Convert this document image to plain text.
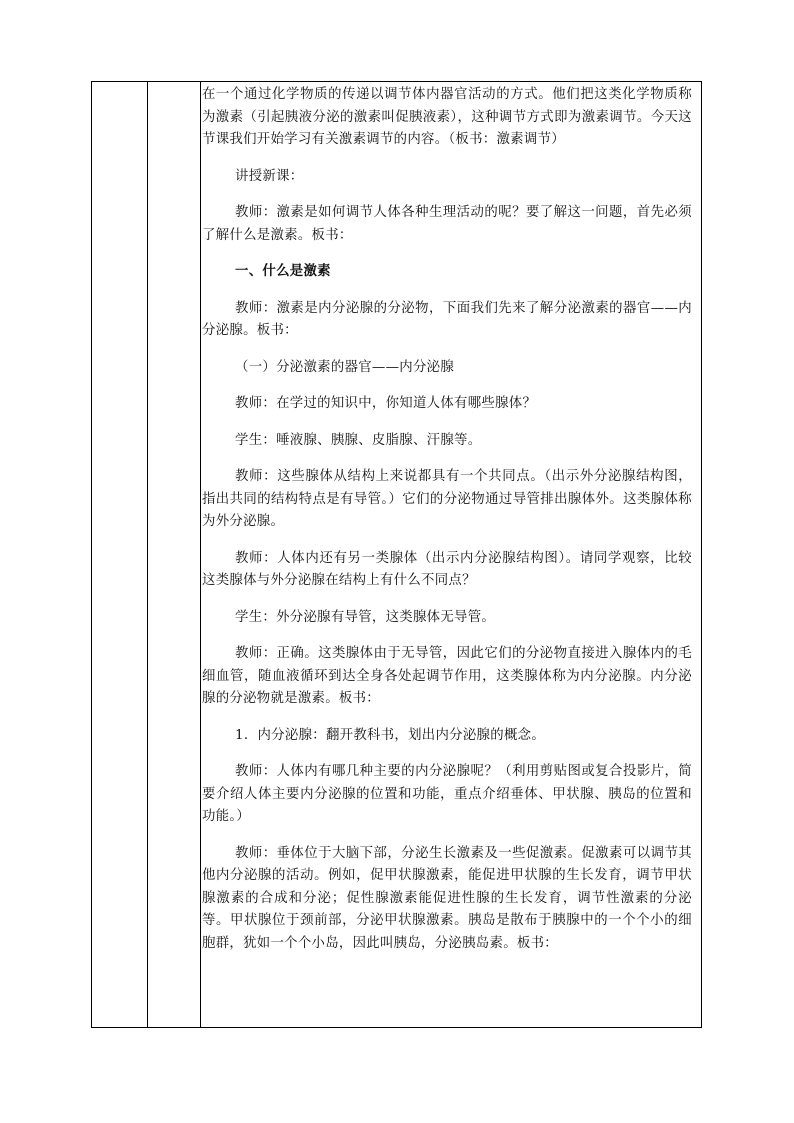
在一个通过化学物质的传递以调节体内器官活动的方式。他们把这类化学物质称为激素（引起胰液分泌的激素叫促胰液素），这种调节方式即为激素调节。今天这节课我们开始学习有关激素调节的内容。（板书：激素调节）

讲授新课：

教师：激素是如何调节人体各种生理活动的呢？要了解这一问题，首先必须了解什么是激素。板书：

一、什么是激素

教师：激素是内分泌腺的分泌物，下面我们先来了解分泌激素的器官——内分泌腺。板书：

（一）分泌激素的器官——内分泌腺

教师：在学过的知识中，你知道人体有哪些腺体？

学生：唾液腺、胰腺、皮脂腺、汗腺等。

教师：这些腺体从结构上来说都具有一个共同点。（出示外分泌腺结构图，指出共同的结构特点是有导管。）它们的分泌物通过导管排出腺体外。这类腺体称为外分泌腺。

教师：人体内还有另一类腺体（出示内分泌腺结构图）。请同学观察，比较这类腺体与外分泌腺在结构上有什么不同点？

学生：外分泌腺有导管，这类腺体无导管。

教师：正确。这类腺体由于无导管，因此它们的分泌物直接进入腺体内的毛细血管，随血液循环到达全身各处起调节作用，这类腺体称为内分泌腺。内分泌腺的分泌物就是激素。板书：

1．内分泌腺：翻开教科书，划出内分泌腺的概念。

教师：人体内有哪几种主要的内分泌腺呢？（利用剪贴图或复合投影片，简要介绍人体主要内分泌腺的位置和功能，重点介绍垂体、甲状腺、胰岛的位置和功能。）

教师：垂体位于大脑下部，分泌生长激素及一些促激素。促激素可以调节其他内分泌腺的活动。例如，促甲状腺激素，能促进甲状腺的生长发育，调节甲状腺激素的合成和分泌；促性腺激素能促进性腺的生长发育，调节性激素的分泌等。甲状腺位于颈前部，分泌甲状腺激素。胰岛是散布于胰腺中的一个个小的细胞群，犹如一个个小岛，因此叫胰岛，分泌胰岛素。板书：
